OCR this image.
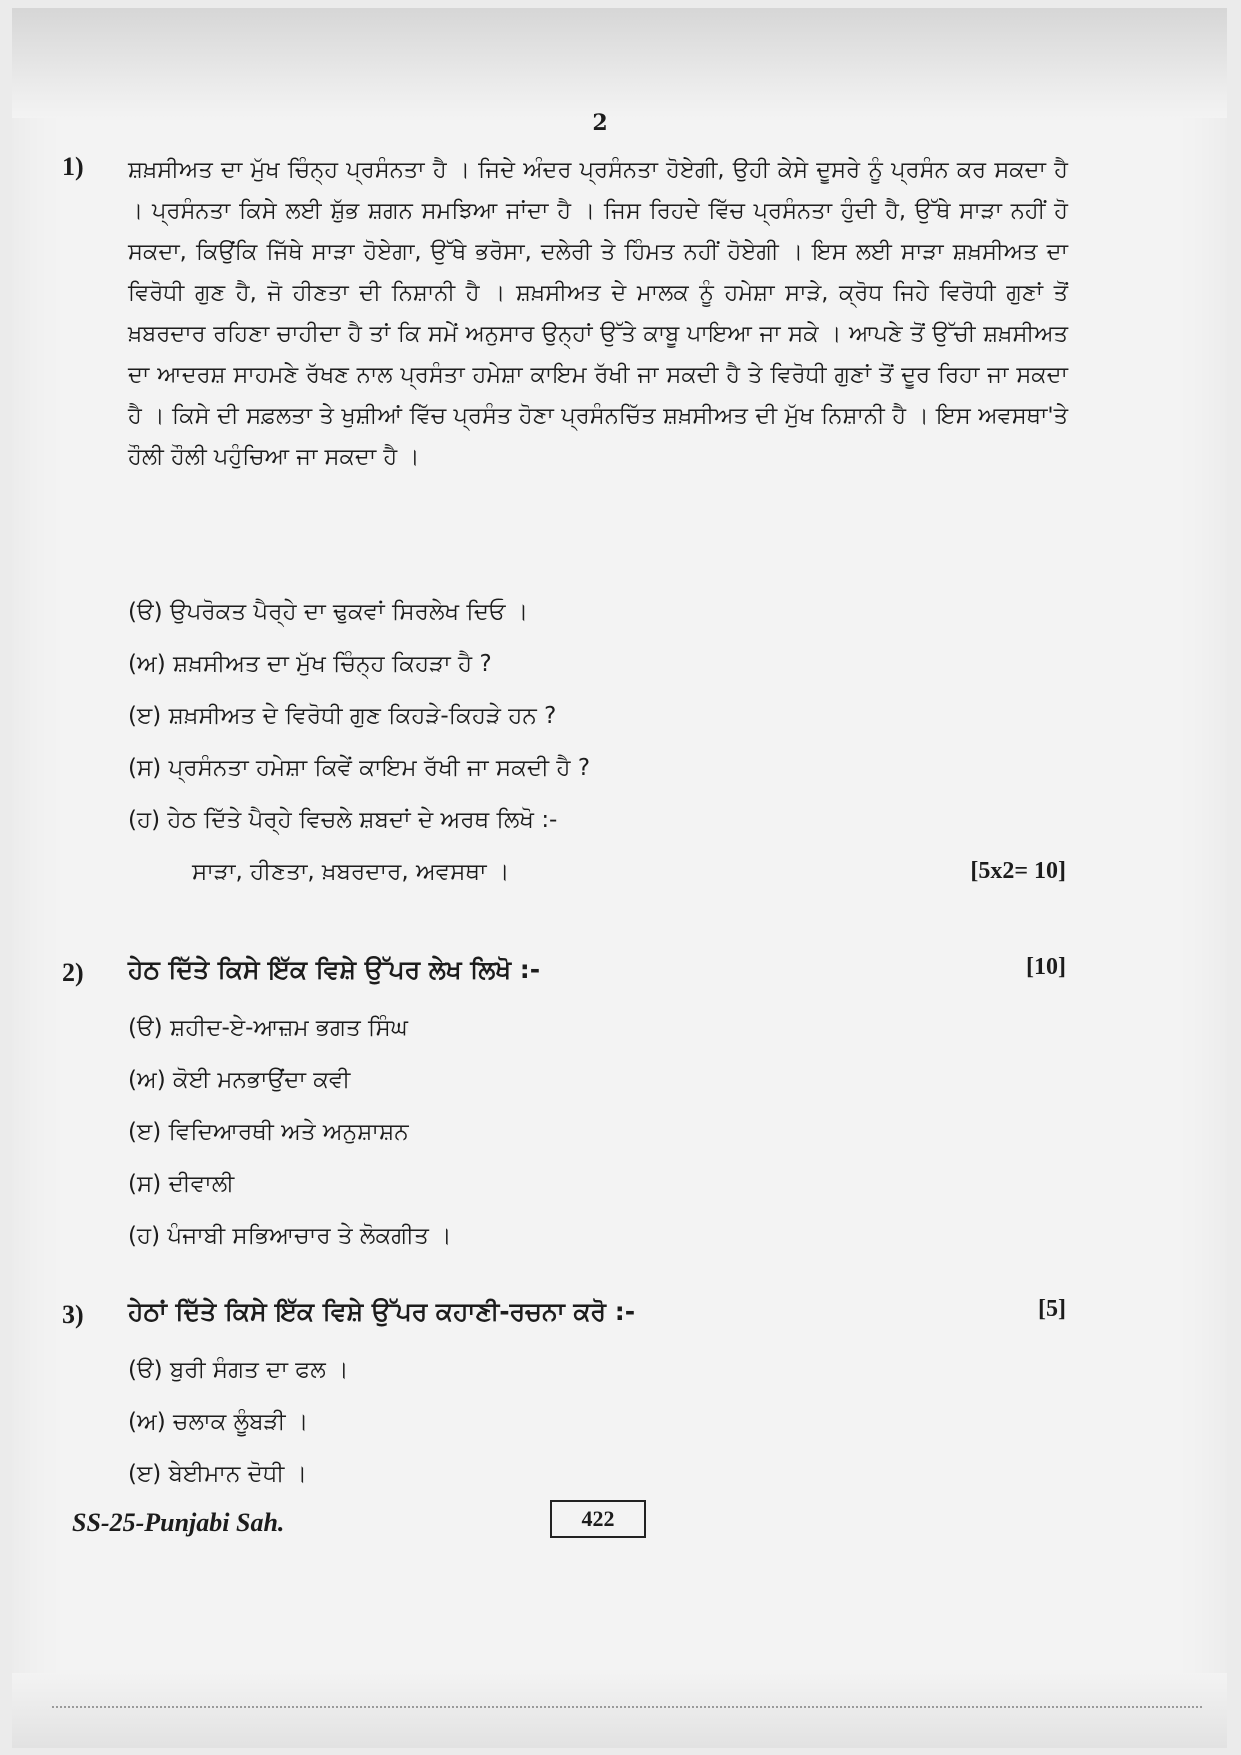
2
1) ਸ਼ਖ਼ਸੀਅਤ ਦਾ ਮੁੱਖ ਚਿੰਨ੍ਹ ਪ੍ਰਸੰਨਤਾ ਹੈ । ਜਿਦੇ ਅੰਦਰ ਪ੍ਰਸੰਨਤਾ ਹੋਏਗੀ, ਉਹੀ ਕੇਸੇ ਦੂਸਰੇ ਨੂੰ ਪ੍ਰਸੰਨ ਕਰ ਸਕਦਾ ਹੈ । ਪ੍ਰਸੰਨਤਾ ਕਿਸੇ ਲਈ ਸ਼ੁੱਭ ਸ਼ਗਨ ਸਮਝਿਆ ਜਾਂਦਾ ਹੈ । ਜਿਸ ਰਿਹਦੇ ਵਿੱਚ ਪ੍ਰਸੰਨਤਾ ਹੁੰਦੀ ਹੈ, ਉੱਥੇ ਸਾੜਾ ਨਹੀਂ ਹੋ ਸਕਦਾ, ਕਿਉਂਕਿ ਜਿੱਥੇ ਸਾੜਾ ਹੋਏਗਾ, ਉੱਥੇ ਭਰੋਸਾ, ਦਲੇਰੀ ਤੇ ਹਿੰਮਤ ਨਹੀਂ ਹੋਏਗੀ । ਇਸ ਲਈ ਸਾੜਾ ਸ਼ਖ਼ਸੀਅਤ ਦਾ ਵਿਰੋਧੀ ਗੁਣ ਹੈ, ਜੋ ਹੀਣਤਾ ਦੀ ਨਿਸ਼ਾਨੀ ਹੈ । ਸ਼ਖ਼ਸੀਅਤ ਦੇ ਮਾਲਕ ਨੂੰ ਹਮੇਸ਼ਾ ਸਾੜੇ, ਕ੍ਰੋਧ ਜਿਹੇ ਵਿਰੋਧੀ ਗੁਣਾਂ ਤੋਂ ਖ਼ਬਰਦਾਰ ਰਹਿਣਾ ਚਾਹੀਦਾ ਹੈ ਤਾਂ ਕਿ ਸਮੇਂ ਅਨੁਸਾਰ ਉਨ੍ਹਾਂ ਉੱਤੇ ਕਾਬੂ ਪਾਇਆ ਜਾ ਸਕੇ । ਆਪਣੇ ਤੋਂ ਉੱਚੀ ਸ਼ਖ਼ਸੀਅਤ ਦਾ ਆਦਰਸ਼ ਸਾਹਮਣੇ ਰੱਖਣ ਨਾਲ ਪ੍ਰਸੰਤਾ ਹਮੇਸ਼ਾ ਕਾਇਮ ਰੱਖੀ ਜਾ ਸਕਦੀ ਹੈ ਤੇ ਵਿਰੋਧੀ ਗੁਣਾਂ ਤੋਂ ਦੂਰ ਰਿਹਾ ਜਾ ਸਕਦਾ ਹੈ । ਕਿਸੇ ਦੀ ਸਫ਼ਲਤਾ ਤੇ ਖੁਸ਼ੀਆਂ ਵਿੱਚ ਪ੍ਰਸੰਤ ਹੋਣਾ ਪ੍ਰਸੰਨਚਿੱਤ ਸ਼ਖ਼ਸੀਅਤ ਦੀ ਮੁੱਖ ਨਿਸ਼ਾਨੀ ਹੈ । ਇਸ ਅਵਸਥਾ'ਤੇ ਹੌਲੀ ਹੌਲੀ ਪਹੁੰਚਿਆ ਜਾ ਸਕਦਾ ਹੈ ।
(ੳ) ਉਪਰੋਕਤ ਪੈਰ੍ਹੇ ਦਾ ਢੁਕਵਾਂ ਸਿਰਲੇਖ ਦਿਓ ।
(ਅ) ਸ਼ਖ਼ਸੀਅਤ ਦਾ ਮੁੱਖ ਚਿੰਨ੍ਹ ਕਿਹੜਾ ਹੈ ?
(ੲ) ਸ਼ਖ਼ਸੀਅਤ ਦੇ ਵਿਰੋਧੀ ਗੁਣ ਕਿਹੜੇ-ਕਿਹੜੇ ਹਨ ?
(ਸ) ਪ੍ਰਸੰਨਤਾ ਹਮੇਸ਼ਾ ਕਿਵੇਂ ਕਾਇਮ ਰੱਖੀ ਜਾ ਸਕਦੀ ਹੈ ?
(ਹ) ਹੇਠ ਦਿੱਤੇ ਪੈਰ੍ਹੇ ਵਿਚਲੇ ਸ਼ਬਦਾਂ ਦੇ ਅਰਥ ਲਿਖੋ :-
ਸਾੜਾ, ਹੀਣਤਾ, ਖ਼ਬਰਦਾਰ, ਅਵਸਥਾ ।	[5x2= 10]
2) ਹੇਠ ਦਿੱਤੇ ਕਿਸੇ ਇੱਕ ਵਿਸ਼ੇ ਉੱਪਰ ਲੇਖ ਲਿਖੋ :-	[10]
(ੳ) ਸ਼ਹੀਦ-ਏ-ਆਜ਼ਮ ਭਗਤ ਸਿੰਘ
(ਅ) ਕੋਈ ਮਨਭਾਉਂਦਾ ਕਵੀ
(ੲ) ਵਿਦਿਆਰਥੀ ਅਤੇ ਅਨੁਸ਼ਾਸ਼ਨ
(ਸ) ਦੀਵਾਲੀ
(ਹ) ਪੰਜਾਬੀ ਸਭਿਆਚਾਰ ਤੇ ਲੋਕਗੀਤ ।
3) ਹੇਠਾਂ ਦਿੱਤੇ ਕਿਸੇ ਇੱਕ ਵਿਸ਼ੇ ਉੱਪਰ ਕਹਾਣੀ-ਰਚਨਾ ਕਰੋ :-	[5]
(ੳ) ਬੁਰੀ ਸੰਗਤ ਦਾ ਫਲ ।
(ਅ) ਚਲਾਕ ਲੂੰਬੜੀ ।
(ੲ) ਬੇਈਮਾਨ ਦੋਧੀ ।
SS-25-Punjabi Sah.	422
